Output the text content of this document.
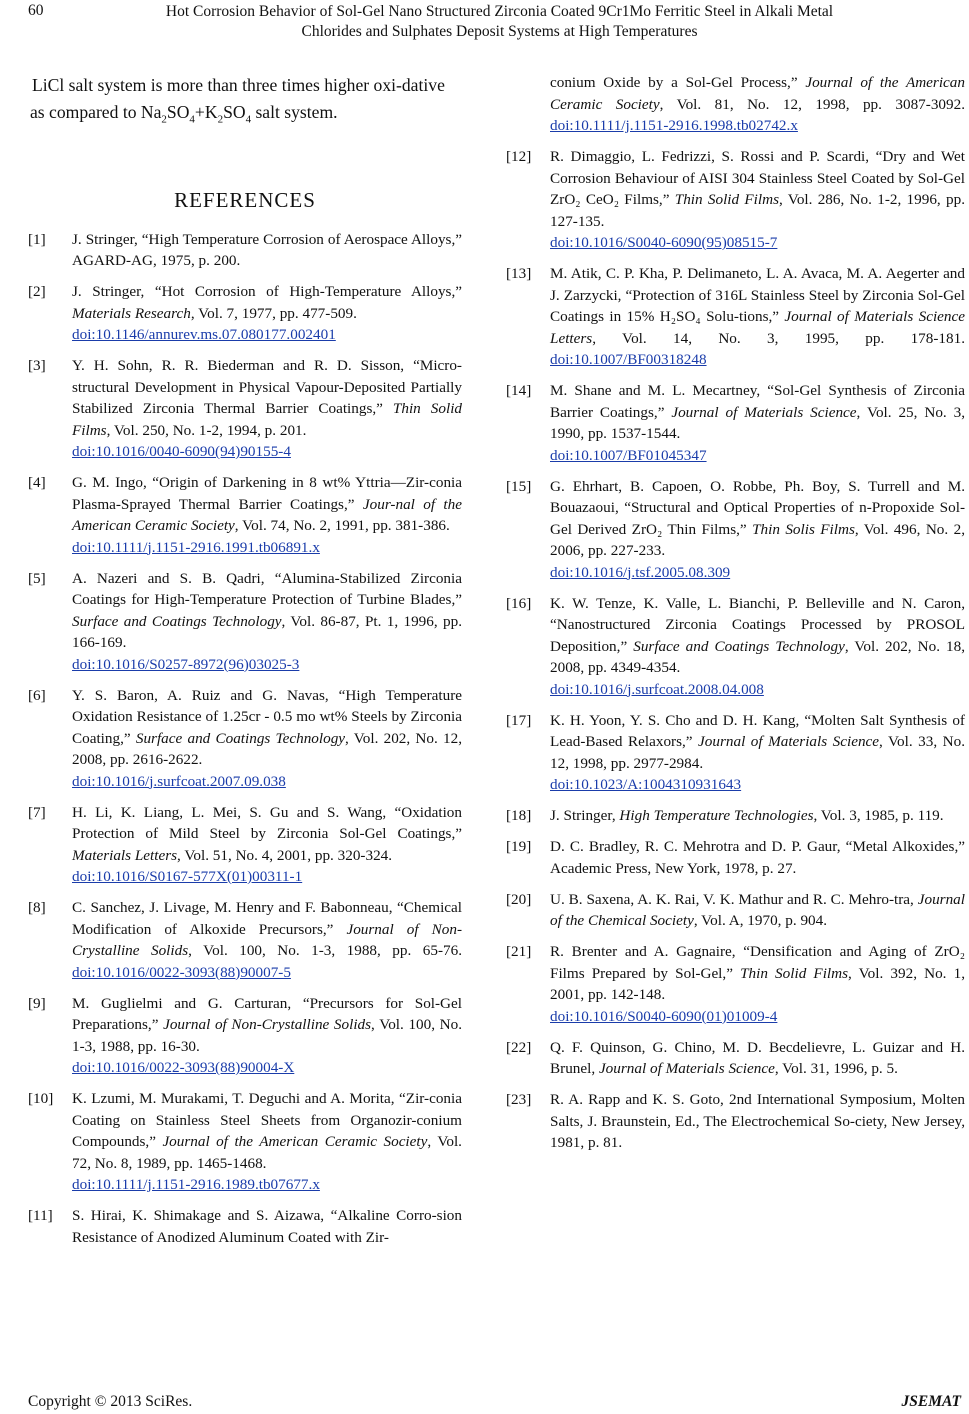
60	Hot Corrosion Behavior of Sol-Gel Nano Structured Zirconia Coated 9Cr1Mo Ferritic Steel in Alkali Metal
Chlorides and Sulphates Deposit Systems at High Temperatures

LiCl salt system is more than three times higher oxi-dative as compared to $Na_2SO_4+K_2SO_4$ salt system.

REFERENCES
[1]	J. Stringer, “High Temperature Corrosion of Aerospace Alloys,” AGARD-AG, 1975, p. 200.
[2]	J. Stringer, “Hot Corrosion of High-Temperature Alloys,” Materials Research, Vol. 7, 1977, pp. 477-509.
doi:10.1146/annurev.ms.07.080177.002401
[3]	Y. H. Sohn, R. R. Biederman and R. D. Sisson, “Micro-structural Development in Physical Vapour-Deposited Partially Stabilized Zirconia Thermal Barrier Coatings,” Thin Solid Films, Vol. 250, No. 1-2, 1994, p. 201.
doi:10.1016/0040-6090(94)90155-4
[4]	G. M. Ingo, “Origin of Darkening in 8 wt% Yttria—Zir-conia Plasma-Sprayed Thermal Barrier Coatings,” Jour-nal of the American Ceramic Society, Vol. 74, No. 2, 1991, pp. 381-386.
doi:10.1111/j.1151-2916.1991.tb06891.x
[5]	A. Nazeri and S. B. Qadri, “Alumina-Stabilized Zirconia Coatings for High-Temperature Protection of Turbine Blades,” Surface and Coatings Technology, Vol. 86-87, Pt. 1, 1996, pp. 166-169.
doi:10.1016/S0257-8972(96)03025-3
[6]	Y. S. Baron, A. Ruiz and G. Navas, “High Temperature Oxidation Resistance of 1.25cr - 0.5 mo wt% Steels by Zirconia Coating,” Surface and Coatings Technology, Vol. 202, No. 12, 2008, pp. 2616-2622.
doi:10.1016/j.surfcoat.2007.09.038
[7]	H. Li, K. Liang, L. Mei, S. Gu and S. Wang, “Oxidation Protection of Mild Steel by Zirconia Sol-Gel Coatings,” Materials Letters, Vol. 51, No. 4, 2001, pp. 320-324.
doi:10.1016/S0167-577X(01)00311-1
[8]	C. Sanchez, J. Livage, M. Henry and F. Babonneau, “Chemical Modification of Alkoxide Precursors,” Journal of Non-Crystalline Solids, Vol. 100, No. 1-3, 1988, pp. 65-76. doi:10.1016/0022-3093(88)90007-5
[9]	M. Guglielmi and G. Carturan, “Precursors for Sol-Gel Preparations,” Journal of Non-Crystalline Solids, Vol. 100, No. 1-3, 1988, pp. 16-30.
doi:10.1016/0022-3093(88)90004-X
[10]	K. Lzumi, M. Murakami, T. Deguchi and A. Morita, “Zir-conia Coating on Stainless Steel Sheets from Organozir-conium Compounds,” Journal of the American Ceramic Society, Vol. 72, No. 8, 1989, pp. 1465-1468.
doi:10.1111/j.1151-2916.1989.tb07677.x
[11]	S. Hirai, K. Shimakage and S. Aizawa, “Alkaline Corro-sion Resistance of Anodized Aluminum Coated with Zir-
conium Oxide by a Sol-Gel Process,” Journal of the American Ceramic Society, Vol. 81, No. 12, 1998, pp. 3087-3092. doi:10.1111/j.1151-2916.1998.tb02742.x
[12]	R. Dimaggio, L. Fedrizzi, S. Rossi and P. Scardi, “Dry and Wet Corrosion Behaviour of AISI 304 Stainless Steel Coated by Sol-Gel ZrO₂ CeO₂ Films,” Thin Solid Films, Vol. 286, No. 1-2, 1996, pp. 127-135.
doi:10.1016/S0040-6090(95)08515-7
[13]	M. Atik, C. P. Kha, P. Delimaneto, L. A. Avaca, M. A. Aegerter and J. Zarzycki, “Protection of 316L Stainless Steel by Zirconia Sol-Gel Coatings in 15% H₂SO₄ Solu-tions,” Journal of Materials Science Letters, Vol. 14, No. 3, 1995, pp. 178-181. doi:10.1007/BF00318248
[14]	M. Shane and M. L. Mecartney, “Sol-Gel Synthesis of Zirconia Barrier Coatings,” Journal of Materials Science, Vol. 25, No. 3, 1990, pp. 1537-1544.
doi:10.1007/BF01045347
[15]	G. Ehrhart, B. Capoen, O. Robbe, Ph. Boy, S. Turrell and M. Bouazaoui, “Structural and Optical Properties of n-Propoxide Sol-Gel Derived ZrO₂ Thin Films,” Thin Solis Films, Vol. 496, No. 2, 2006, pp. 227-233.
doi:10.1016/j.tsf.2005.08.309
[16]	K. W. Tenze, K. Valle, L. Bianchi, P. Belleville and N. Caron, “Nanostructured Zirconia Coatings Processed by PROSOL Deposition,” Surface and Coatings Technology, Vol. 202, No. 18, 2008, pp. 4349-4354.
doi:10.1016/j.surfcoat.2008.04.008
[17]	K. H. Yoon, Y. S. Cho and D. H. Kang, “Molten Salt Synthesis of Lead-Based Relaxors,” Journal of Materials Science, Vol. 33, No. 12, 1998, pp. 2977-2984.
doi:10.1023/A:1004310931643
[18]	J. Stringer, High Temperature Technologies, Vol. 3, 1985, p. 119.
[19]	D. C. Bradley, R. C. Mehrotra and D. P. Gaur, “Metal Alkoxides,” Academic Press, New York, 1978, p. 27.
[20]	U. B. Saxena, A. K. Rai, V. K. Mathur and R. C. Mehro-tra, Journal of the Chemical Society, Vol. A, 1970, p. 904.
[21]	R. Brenter and A. Gagnaire, “Densification and Aging of ZrO₂ Films Prepared by Sol-Gel,” Thin Solid Films, Vol. 392, No. 1, 2001, pp. 142-148.
doi:10.1016/S0040-6090(01)01009-4
[22]	Q. F. Quinson, G. Chino, M. D. Becdelievre, L. Guizar and H. Brunel, Journal of Materials Science, Vol. 31, 1996, p. 5.
[23]	R. A. Rapp and K. S. Goto, 2nd International Symposium, Molten Salts, J. Braunstein, Ed., The Electrochemical So-ciety, New Jersey, 1981, p. 81.
Copyright © 2013 SciRes.	JSEMAT
